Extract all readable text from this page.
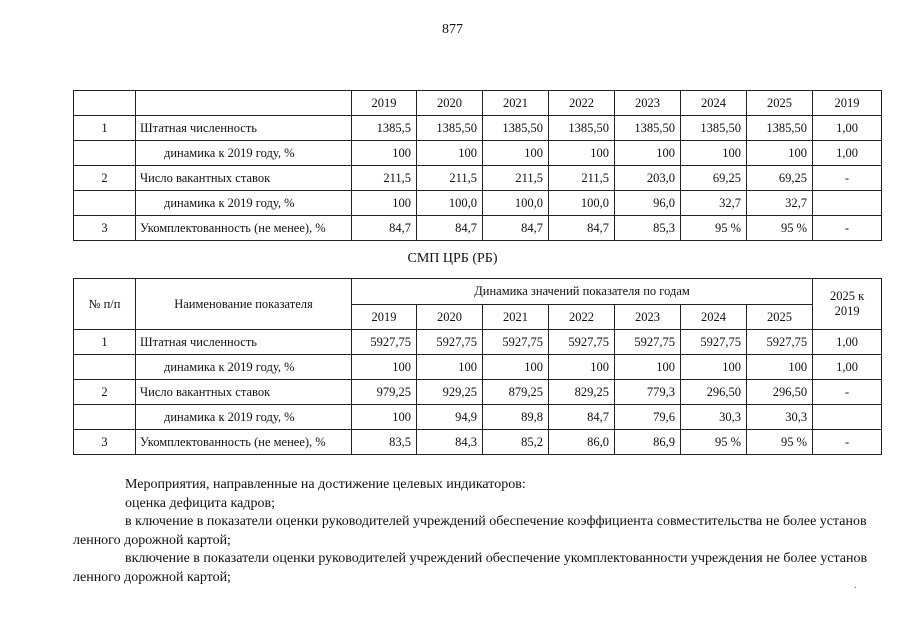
877
		2019	2020	2021	2022	2023	2024	2025	2019
1	Штатная численность	1385,5	1385,50	1385,50	1385,50	1385,50	1385,50	1385,50	1,00
	динамика к 2019 году, %	100	100	100	100	100	100	100	1,00
2	Число вакантных ставок	211,5	211,5	211,5	211,5	203,0	69,25	69,25	-
	динамика к 2019 году, %	100	100,0	100,0	100,0	96,0	32,7	32,7	
3	Укомплектованность (не менее), %	84,7	84,7	84,7	84,7	85,3	95 %	95 %	-
СМП ЦРБ (РБ)
№ п/п	Наименование показателя	Динамика значений показателя по годам							2025 к 2019
		2019	2020	2021	2022	2023	2024	2025	
1	Штатная численность	5927,75	5927,75	5927,75	5927,75	5927,75	5927,75	5927,75	1,00
	динамика к 2019 году, %	100	100	100	100	100	100	100	1,00
2	Число вакантных ставок	979,25	929,25	879,25	829,25	779,3	296,50	296,50	-
	динамика к 2019 году, %	100	94,9	89,8	84,7	79,6	30,3	30,3	
3	Укомплектованность (не менее), %	83,5	84,3	85,2	86,0	86,9	95 %	95 %	-

Мероприятия, направленные на достижение целевых индикаторов:

оценка дефицита кадров;

в ключение в показатели оценки руководителей учреждений обеспечение коэффициента совместительства не более установ ленного дорожной картой;

включение в показатели оценки руководителей учреждений обеспечение укомплектованности учреждения не более установ ленного дорожной картой;

.
